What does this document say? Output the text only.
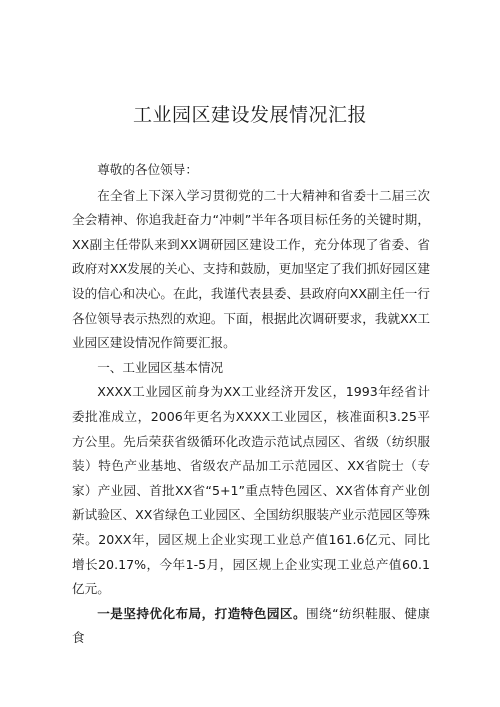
工业园区建设发展情况汇报

尊敬的各位领导：

在全省上下深入学习贯彻党的二十大精神和省委十二届三次全会精神、你追我赶奋力“冲刺”半年各项目标任务的关键时期，XX副主任带队来到XX调研园区建设工作，充分体现了省委、省政府对XX发展的关心、支持和鼓励，更加坚定了我们抓好园区建设的信心和决心。在此，我谨代表县委、县政府向XX副主任一行各位领导表示热烈的欢迎。下面，根据此次调研要求，我就XX工业园区建设情况作简要汇报。

一、工业园区基本情况

XXXX工业园区前身为XX工业经济开发区，1993年经省计委批准成立，2006年更名为XXXX工业园区，核准面积3.25平方公里。先后荣获省级循环化改造示范试点园区、省级（纺织服装）特色产业基地、省级农产品加工示范园区、XX省院士（专家）产业园、首批XX省“5+1”重点特色园区、XX省体育产业创新试验区、XX省绿色工业园区、全国纺织服装产业示范园区等殊荣。20XX年，园区规上企业实现工业总产值161.6亿元、同比增长20.17%，今年1-5月，园区规上企业实现工业总产值60.1亿元。

一是坚持优化布局，打造特色园区。围绕“纺织鞋服、健康食
